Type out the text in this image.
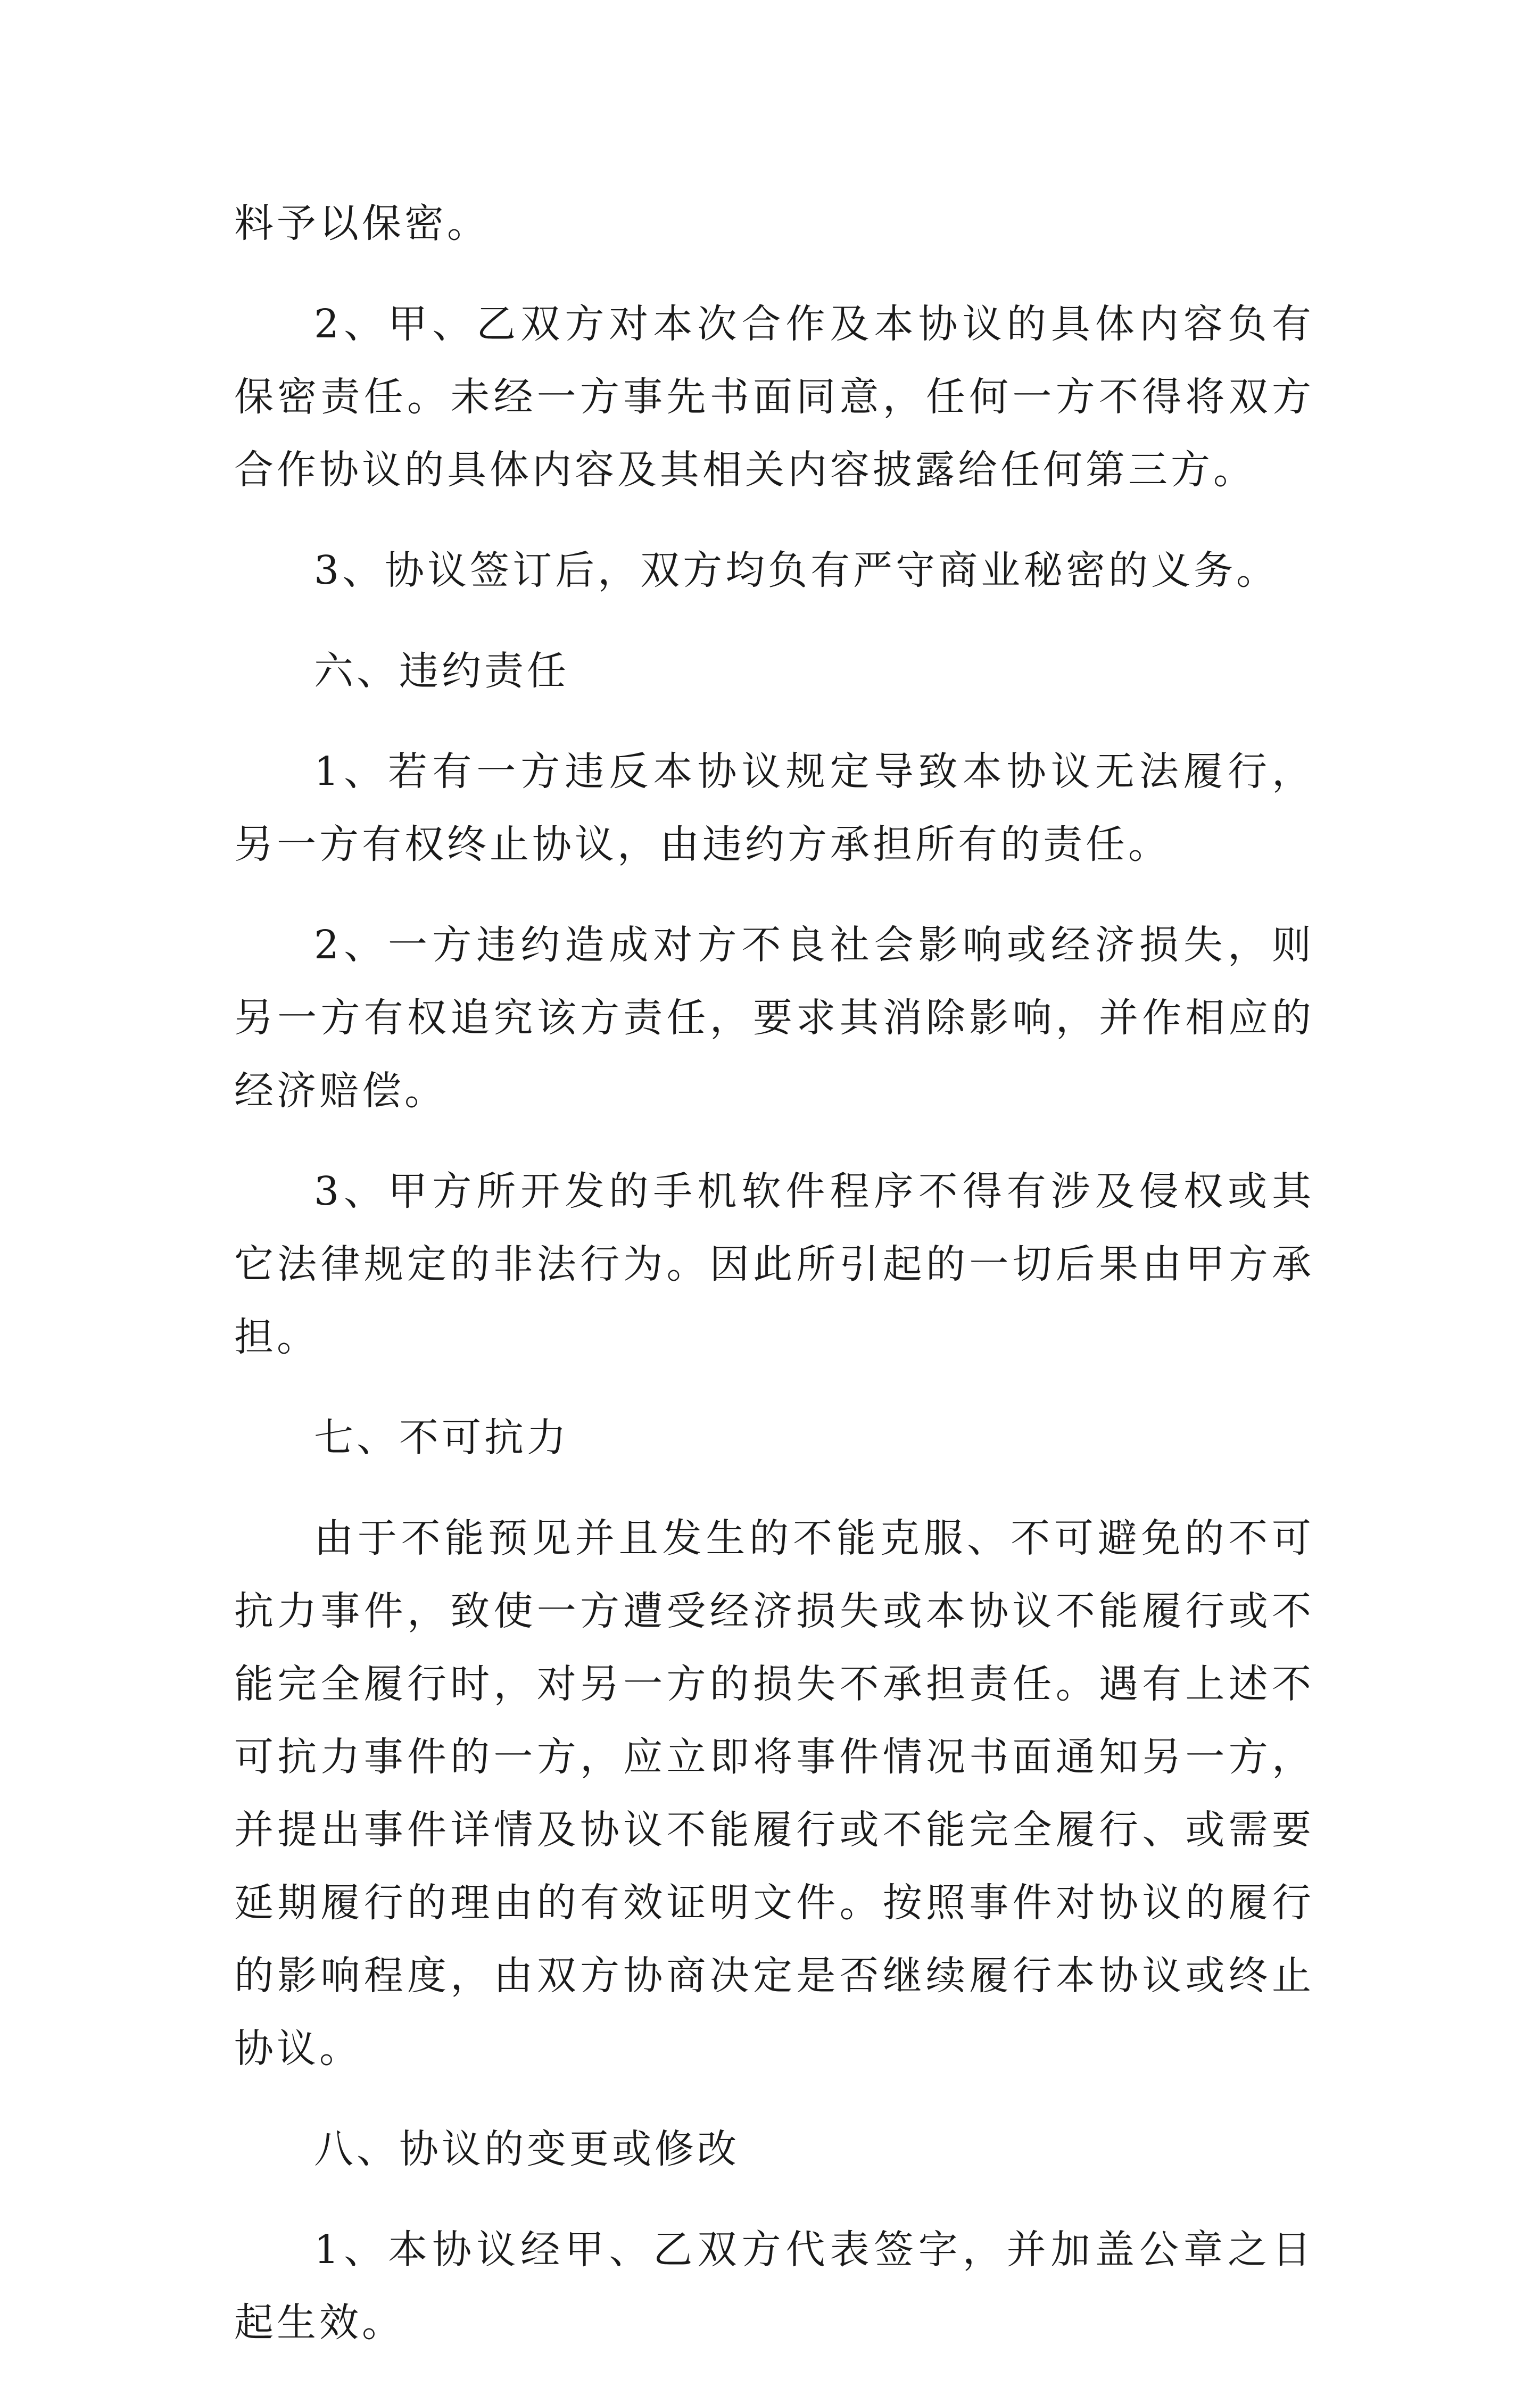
料予以保密。

2、甲、乙双方对本次合作及本协议的具体内容负有保密责任。未经一方事先书面同意，任何一方不得将双方合作协议的具体内容及其相关内容披露给任何第三方。

3、协议签订后，双方均负有严守商业秘密的义务。

六、违约责任

1、若有一方违反本协议规定导致本协议无法履行，另一方有权终止协议，由违约方承担所有的责任。

2、一方违约造成对方不良社会影响或经济损失，则另一方有权追究该方责任，要求其消除影响，并作相应的经济赔偿。

3、甲方所开发的手机软件程序不得有涉及侵权或其它法律规定的非法行为。因此所引起的一切后果由甲方承担。

七、不可抗力

由于不能预见并且发生的不能克服、不可避免的不可抗力事件，致使一方遭受经济损失或本协议不能履行或不能完全履行时，对另一方的损失不承担责任。遇有上述不可抗力事件的一方，应立即将事件情况书面通知另一方，并提出事件详情及协议不能履行或不能完全履行、或需要延期履行的理由的有效证明文件。按照事件对协议的履行的影响程度，由双方协商决定是否继续履行本协议或终止协议。

八、协议的变更或修改

1、本协议经甲、乙双方代表签字，并加盖公章之日起生效。
